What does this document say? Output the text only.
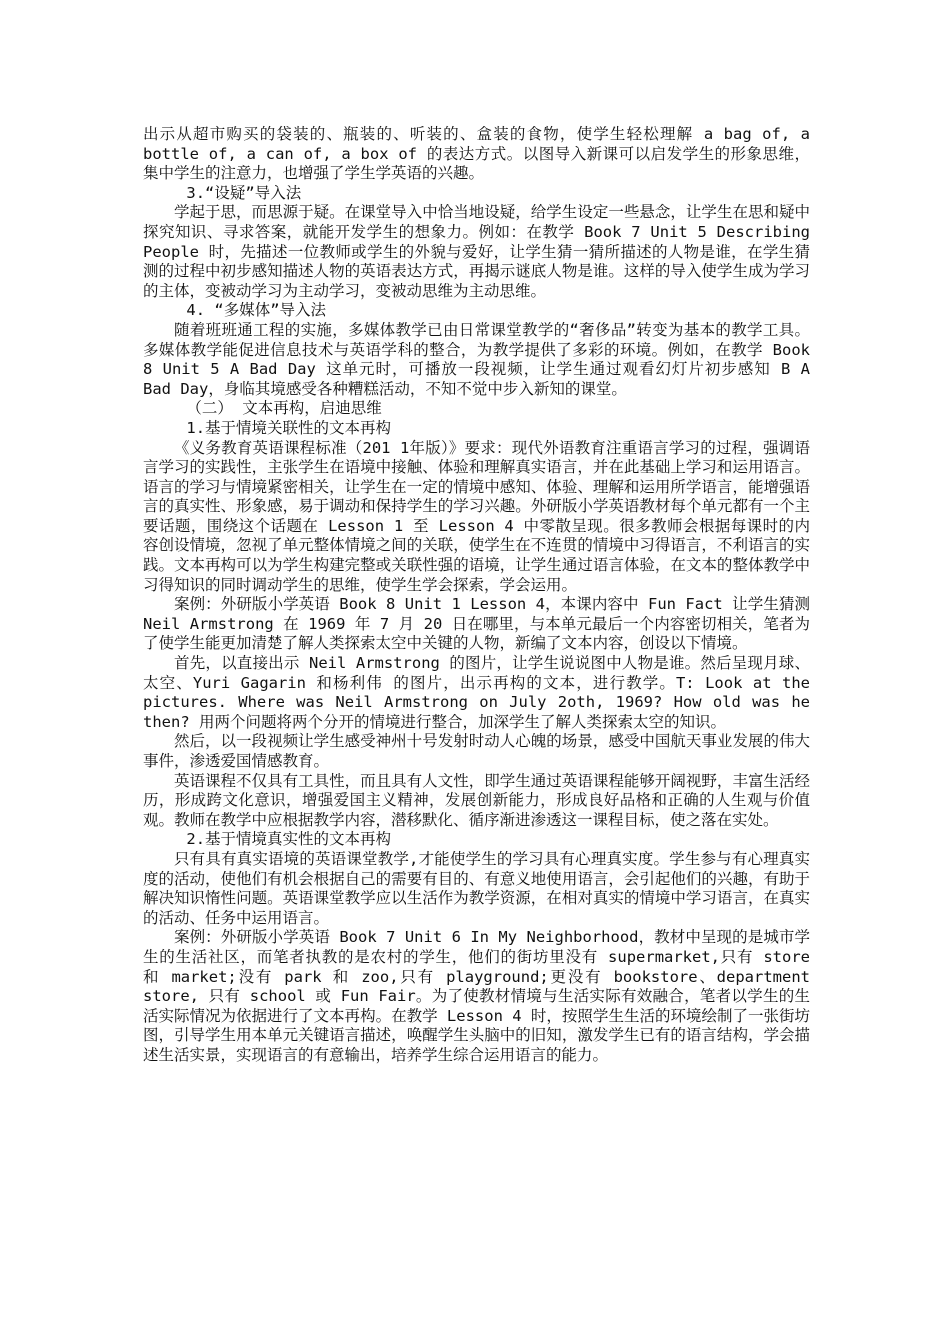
出示从超市购买的袋装的、瓶装的、听装的、盒装的食物，使学生轻松理解 a bag of, a bottle of, a can of, a box of 的表达方式。以图导入新课可以启发学生的形象思维，集中学生的注意力，也增强了学生学英语的兴趣。

3.“设疑”导入法

学起于思，而思源于疑。在课堂导入中恰当地设疑，给学生设定一些悬念，让学生在思和疑中探究知识、寻求答案，就能开发学生的想象力。例如：在教学 Book 7 Unit 5 Describing People 时，先描述一位教师或学生的外貌与爱好，让学生猜一猜所描述的人物是谁，在学生猜测的过程中初步感知描述人物的英语表达方式，再揭示谜底人物是谁。这样的导入使学生成为学习的主体，变被动学习为主动学习，变被动思维为主动思维。

4. “多媒体”导入法

随着班班通工程的实施，多媒体教学已由日常课堂教学的“奢侈品”转变为基本的教学工具。多媒体教学能促进信息技术与英语学科的整合，为教学提供了多彩的环境。例如，在教学 Book 8 Unit 5 A Bad Day 这单元时，可播放一段视频，让学生通过观看幻灯片初步感知 B A Bad Day，身临其境感受各种糟糕活动，不知不觉中步入新知的课堂。

（二） 文本再构，启迪思维

1.基于情境关联性的文本再构

《义务教育英语课程标准（201 1年版）》要求：现代外语教育注重语言学习的过程，强调语言学习的实践性，主张学生在语境中接触、体验和理解真实语言，并在此基础上学习和运用语言。语言的学习与情境紧密相关，让学生在一定的情境中感知、体验、理解和运用所学语言，能增强语言的真实性、形象感，易于调动和保持学生的学习兴趣。外研版小学英语教材每个单元都有一个主要话题，围绕这个话题在 Lesson 1 至 Lesson 4 中零散呈现。很多教师会根据每课时的内容创设情境，忽视了单元整体情境之间的关联，使学生在不连贯的情境中习得语言，不利语言的实践。文本再构可以为学生构建完整或关联性强的语境，让学生通过语言体验，在文本的整体教学中习得知识的同时调动学生的思维，使学生学会探索，学会运用。

案例：外研版小学英语 Book 8 Unit 1 Lesson 4，本课内容中 Fun Fact 让学生猜测 Neil Armstrong 在 1969 年 7 月 20 日在哪里，与本单元最后一个内容密切相关，笔者为了使学生能更加清楚了解人类探索太空中关键的人物，新编了文本内容，创设以下情境。

首先，以直接出示 Neil Armstrong 的图片，让学生说说图中人物是谁。然后呈现月球、太空、Yuri Gagarin 和杨利伟 的图片，出示再构的文本，进行教学。T: Look at the pictures. Where was Neil Armstrong on July 2oth, 1969? How old was he then? 用两个问题将两个分开的情境进行整合，加深学生了解人类探索太空的知识。

然后，以一段视频让学生感受神州十号发射时动人心魄的场景，感受中国航天事业发展的伟大事件，渗透爱国情感教育。

英语课程不仅具有工具性，而且具有人文性，即学生通过英语课程能够开阔视野，丰富生活经历，形成跨文化意识，增强爱国主义精神，发展创新能力，形成良好品格和正确的人生观与价值观。教师在教学中应根据教学内容，潜移默化、循序渐进渗透这一课程目标，使之落在实处。

2.基于情境真实性的文本再构

只有具有真实语境的英语课堂教学,才能使学生的学习具有心理真实度。学生参与有心理真实度的活动，使他们有机会根据自己的需要有目的、有意义地使用语言，会引起他们的兴趣，有助于解决知识惰性问题。英语课堂教学应以生活作为教学资源，在相对真实的情境中学习语言，在真实的活动、任务中运用语言。

案例：外研版小学英语 Book 7 Unit 6 In My Neighborhood，教材中呈现的是城市学生的生活社区，而笔者执教的是农村的学生，他们的街坊里没有 supermarket,只有 store 和 market;没有 park 和 zoo,只有 playground;更没有 bookstore、department store, 只有 school 或 Fun Fair。为了使教材情境与生活实际有效融合，笔者以学生的生活实际情况为依据进行了文本再构。在教学 Lesson 4 时，按照学生生活的环境绘制了一张街坊图，引导学生用本单元关键语言描述，唤醒学生头脑中的旧知，激发学生已有的语言结构，学会描述生活实景，实现语言的有意输出，培养学生综合运用语言的能力。
